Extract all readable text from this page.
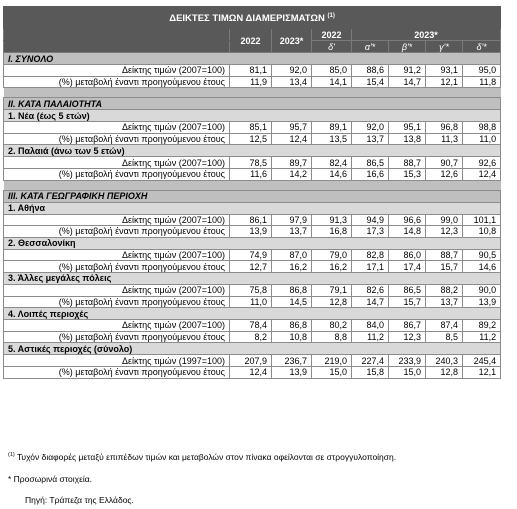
ΔΕΙΚΤΕΣ ΤΙΜΩΝ ΔΙΑΜΕΡΙΣΜΑΤΩΝ $^{(1)}$
	2022	2023*	2022	2023*			
			δ'	α'*	β'*	γ'*	δ'*
I. ΣΥΝΟΛΟ							
Δείκτης τιμών (2007=100)	81,1	92,0	85,0	88,6	91,2	93,1	95,0
(%) μεταβολή έναντι προηγούμενου έτους	11,9	13,4	14,1	15,4	14,7	12,1	11,8

II. ΚΑΤΑ ΠΑΛΑΙΟΤΗΤΑ							
1. Νέα (έως 5 ετών)							
Δείκτης τιμών (2007=100)	85,1	95,7	89,1	92,0	95,1	96,8	98,8
(%) μεταβολή έναντι προηγούμενου έτους	12,5	12,4	13,5	13,7	13,8	11,3	11,0
2. Παλαιά (άνω των 5 ετών)							
Δείκτης τιμών (2007=100)	78,5	89,7	82,4	86,5	88,7	90,7	92,6
(%) μεταβολή έναντι προηγούμενου έτους	11,6	14,2	14,6	16,6	15,3	12,6	12,4

III. ΚΑΤΑ ΓΕΩΓΡΑΦΙΚΗ ΠΕΡΙΟΧΗ							
1. Αθήνα							
Δείκτης τιμών (2007=100)	86,1	97,9	91,3	94,9	96,6	99,0	101,1
(%) μεταβολή έναντι προηγούμενου έτους	13,9	13,7	16,8	17,3	14,8	12,3	10,8
2. Θεσσαλονίκη							
Δείκτης τιμών (2007=100)	74,9	87,0	79,0	82,8	86,0	88,7	90,5
(%) μεταβολή έναντι προηγούμενου έτους	12,7	16,2	16,2	17,1	17,4	15,7	14,6
3. Άλλες μεγάλες πόλεις							
Δείκτης τιμών (2007=100)	75,8	86,8	79,1	82,6	86,5	88,2	90,0
(%) μεταβολή έναντι προηγούμενου έτους	11,0	14,5	12,8	14,7	15,7	13,7	13,9
4. Λοιπές περιοχές							
Δείκτης τιμών (2007=100)	78,4	86,8	80,2	84,0	86,7	87,4	89,2
(%) μεταβολή έναντι προηγούμενου έτους	8,2	10,8	8,8	11,2	12,3	8,5	11,2
5. Αστικές περιοχές (σύνολο)							
Δείκτης τιμών (1997=100)	207,9	236,7	219,0	227,4	233,9	240,3	245,4
(%) μεταβολή έναντι προηγούμενου έτους	12,4	13,9	15,0	15,8	15,0	12,8	12,1
$^{(1)}$ Τυχόν διαφορές μεταξύ επιπέδων τιμών και μεταβολών στον πίνακα οφείλονται σε στρογγυλοποίηση.
* Προσωρινά στοιχεία.
Πηγή: Τράπεζα της Ελλάδος.
